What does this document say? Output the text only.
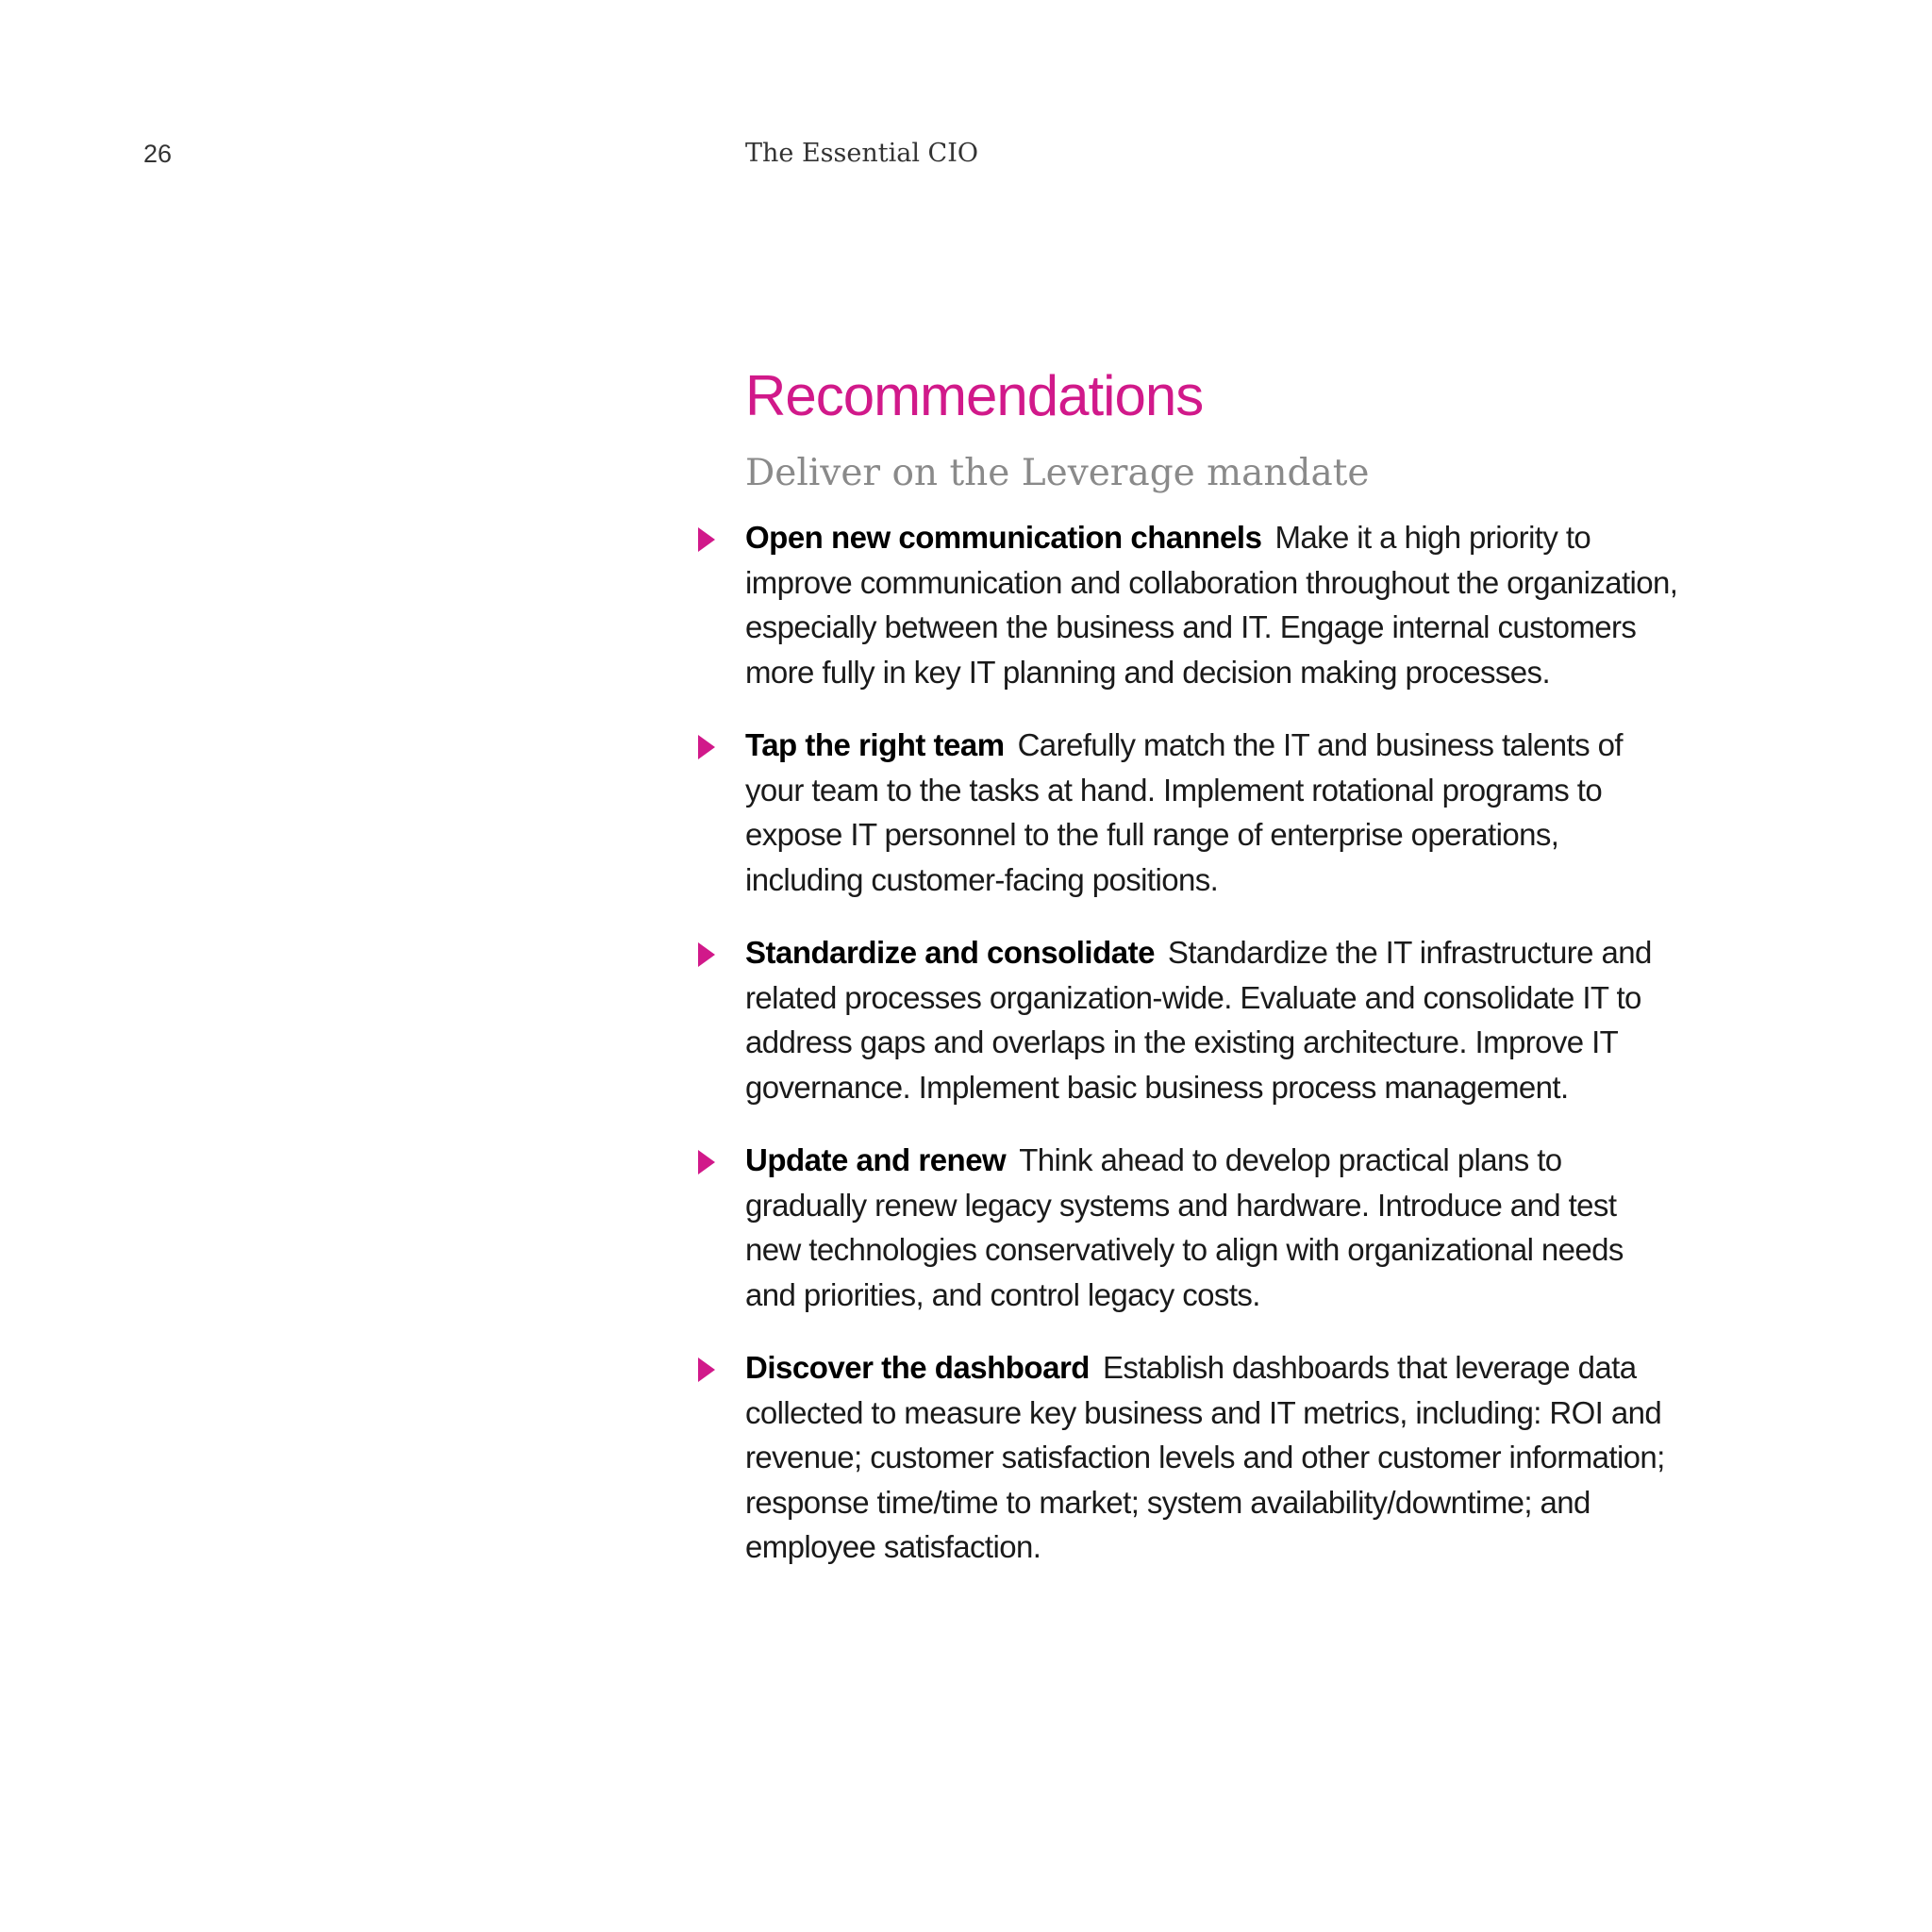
26	The Essential CIO
Recommendations
Deliver on the Leverage mandate
Open new communication channels Make it a high priority to improve communication and collaboration throughout the organization, especially between the business and IT. Engage internal customers more fully in key IT planning and decision making processes.
Tap the right team Carefully match the IT and business talents of your team to the tasks at hand. Implement rotational programs to expose IT personnel to the full range of enterprise operations, including customer-facing positions.
Standardize and consolidate Standardize the IT infrastructure and related processes organization-wide. Evaluate and consolidate IT to address gaps and overlaps in the existing architecture. Improve IT governance. Implement basic business process management.
Update and renew Think ahead to develop practical plans to gradually renew legacy systems and hardware. Introduce and test new technologies conservatively to align with organizational needs and priorities, and control legacy costs.
Discover the dashboard Establish dashboards that leverage data collected to measure key business and IT metrics, including: ROI and revenue; customer satisfaction levels and other customer information; response time/time to market; system availability/downtime; and employee satisfaction.
